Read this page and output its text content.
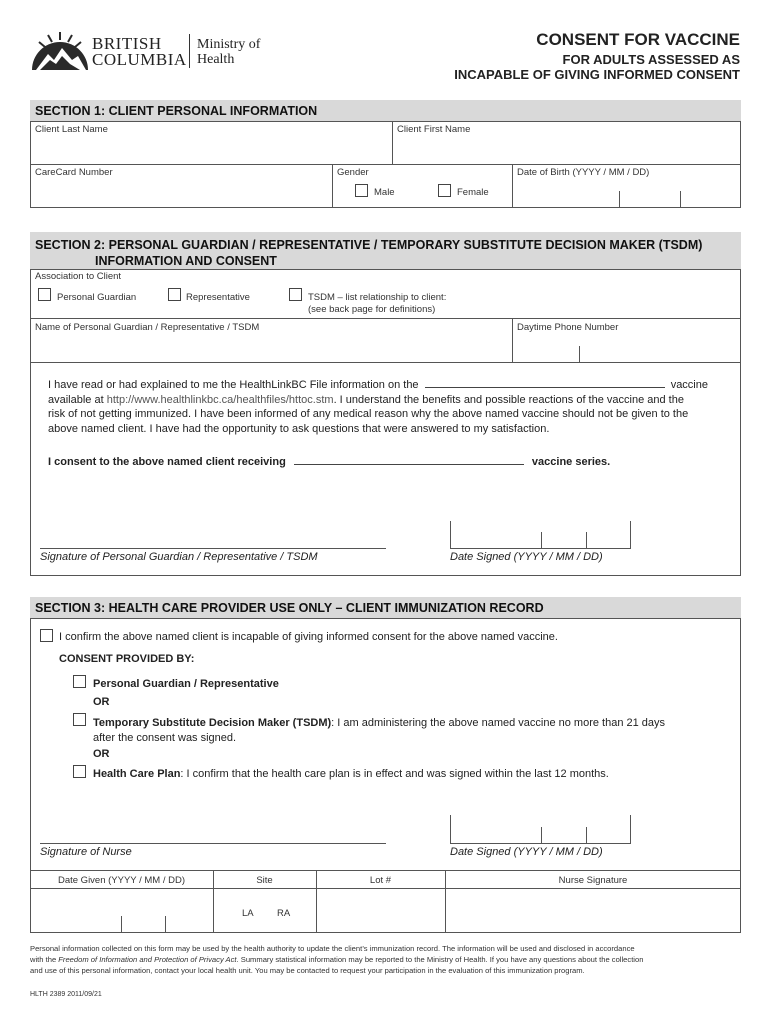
BRITISH
COLUMBIA
Ministry of
Health
CONSENT FOR VACCINE
FOR ADULTS ASSESSED AS
INCAPABLE OF GIVING INFORMED CONSENT
SECTION 1: CLIENT PERSONAL INFORMATION
Client Last Name	Client First Name
CareCard Number	Gender
Male	Female
Date of Birth (YYYY / MM / DD)
SECTION 2: PERSONAL GUARDIAN / REPRESENTATIVE / TEMPORARY SUBSTITUTE DECISION MAKER (TSDM)
INFORMATION AND CONSENT
Association to Client
Personal Guardian	Representative	TSDM – list relationship to client:
(see back page for definitions)
Name of Personal Guardian / Representative / TSDM	Daytime Phone Number
I have read or had explained to me the HealthLinkBC File information on the	vaccine
available at http://www.healthlinkbc.ca/healthfiles/httoc.stm. I understand the benefits and possible reactions of the vaccine and the
risk of not getting immunized. I have been informed of any medical reason why the above named vaccine should not be given to the
above named client. I have had the opportunity to ask questions that were answered to my satisfaction.
I consent to the above named client receiving	vaccine series.
Signature of Personal Guardian / Representative / TSDM	Date Signed (YYYY / MM / DD)
SECTION 3: HEALTH CARE PROVIDER USE ONLY – CLIENT IMMUNIZATION RECORD
I confirm the above named client is incapable of giving informed consent for the above named vaccine.
CONSENT PROVIDED BY:
Personal Guardian / Representative
OR
Temporary Substitute Decision Maker (TSDM): I am administering the above named vaccine no more than 21 days
after the consent was signed.
OR
Health Care Plan: I confirm that the health care plan is in effect and was signed within the last 12 months.
Signature of Nurse	Date Signed (YYYY / MM / DD)
Date Given (YYYY / MM / DD)	Site	Lot #	Nurse Signature
LA RA
Personal information collected on this form may be used by the health authority to update the client’s immunization record. The information will be used and disclosed in accordance
with the Freedom of Information and Protection of Privacy Act. Summary statistical information may be reported to the Ministry of Health. If you have any questions about the collection
and use of this personal information, contact your local health unit. You may be contacted to request your participation in the evaluation of this immunization program.
HLTH 2389 2011/09/21
